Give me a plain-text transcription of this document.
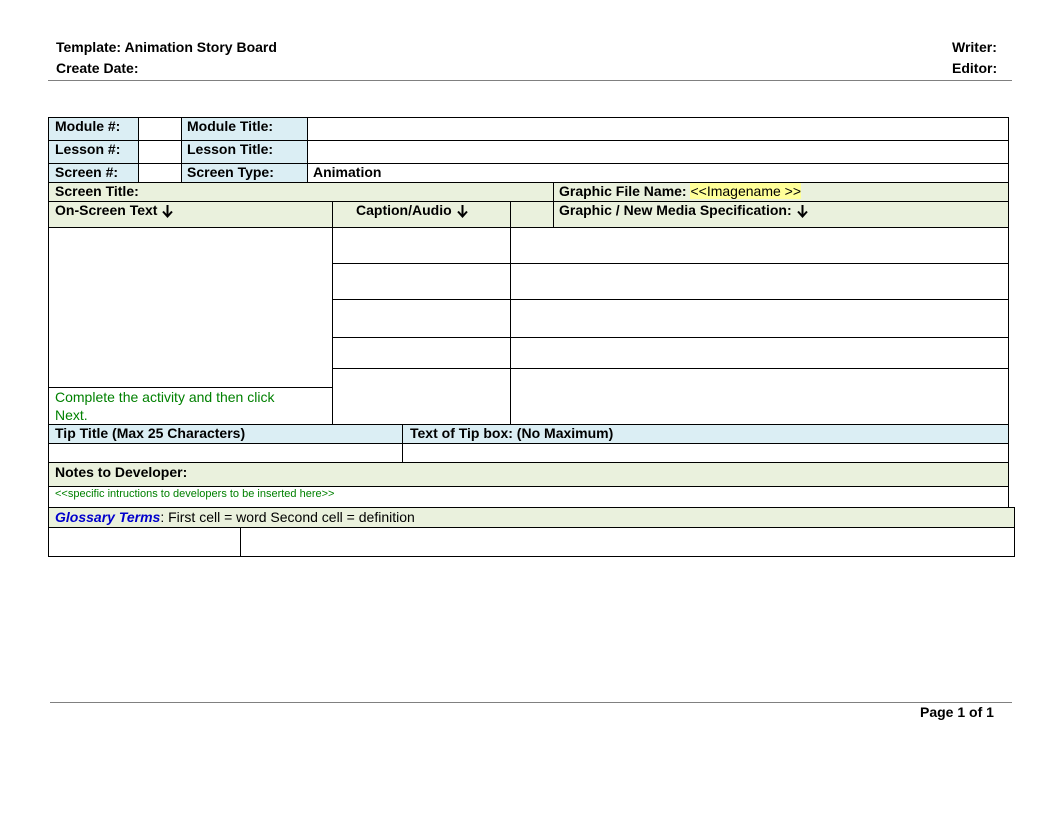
Template: Animation Story Board
Create Date:
Writer:
Editor:
Module #:	Module Title:
Lesson #:	Lesson Title:
Screen #:	Screen Type:	Animation
Screen Title:	Graphic File Name: <<Imagename >>
On-Screen Text	Caption/Audio	Graphic / New Media Specification:
Complete the activity and then click
Next.
Tip Title (Max 25 Characters)	Text of Tip box: (No Maximum)
Notes to Developer:
<<specific intructions to developers to be inserted here>>
Glossary Terms: First cell = word Second cell = definition
Page 1 of 1
